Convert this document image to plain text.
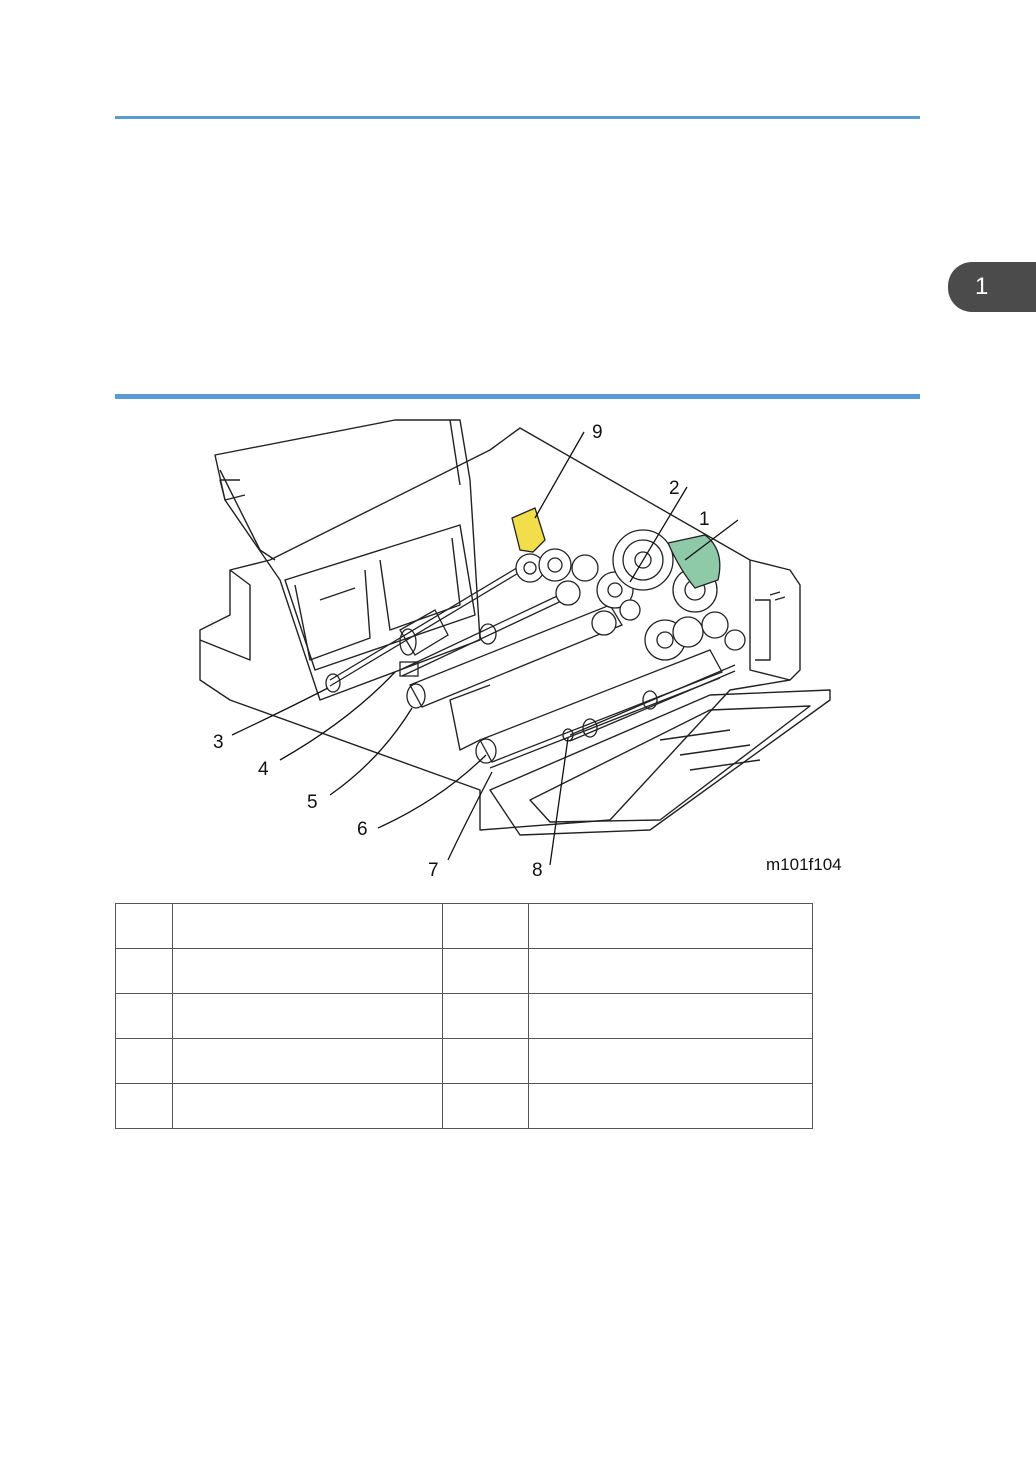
1
1
2
3
4
5
6
7	8
9
m101f104
